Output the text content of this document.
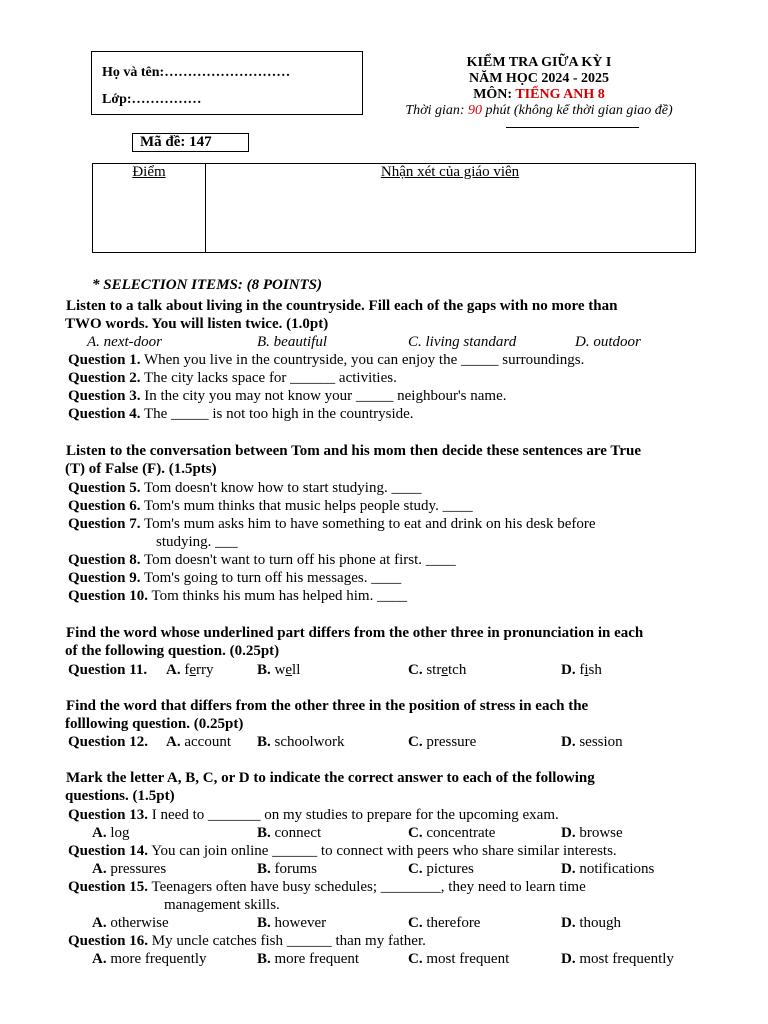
Họ và tên:………………………
Lớp:……………
KIỂM TRA GIỮA KỲ I
NĂM HỌC 2024 - 2025
MÔN: TIẾNG ANH 8
Thời gian: 90 phút (không kể thời gian giao đề)
Mã đề: 147
Điểm	Nhận xét của giáo viên
* SELECTION ITEMS: (8 POINTS)
Listen to a talk about living in the countryside. Fill each of the gaps with no more than
TWO words. You will listen twice. (1.0pt)
A. next-door	B. beautiful	C. living standard	D. outdoor
Question 1. When you live in the countryside, you can enjoy the _____ surroundings.
Question 2. The city lacks space for ______ activities.
Question 3. In the city you may not know your _____ neighbour's name.
Question 4. The _____ is not too high in the countryside.
Listen to the conversation between Tom and his mom then decide these sentences are True
(T) of False (F). (1.5pts)
Question 5. Tom doesn't know how to start studying. ____
Question 6. Tom's mum thinks that music helps people study. ____
Question 7. Tom's mum asks him to have something to eat and drink on his desk before
studying. ___
Question 8. Tom doesn't want to turn off his phone at first. ____
Question 9. Tom's going to turn off his messages. ____
Question 10. Tom thinks his mum has helped him. ____
Find the word whose underlined part differs from the other three in pronunciation in each
of the following question. (0.25pt)
Question 11. A. ferry	B. well	C. stretch	D. fish
Find the word that differs from the other three in the position of stress in each the
folllowing question. (0.25pt)
Question 12. A. account B. schoolwork	C. pressure	D. session
Mark the letter A, B, C, or D to indicate the correct answer to each of the following
questions. (1.5pt)
Question 13. I need to _______ on my studies to prepare for the upcoming exam.
A. log	B. connect	C. concentrate	D. browse
Question 14. You can join online ______ to connect with peers who share similar interests.
A. pressures	B. forums	C. pictures	D. notifications
Question 15. Teenagers often have busy schedules; ________, they need to learn time
management skills.
A. otherwise	B. however	C. therefore	D. though
Question 16. My uncle catches fish ______ than my father.
A. more frequently	B. more frequent	C. most frequent	D. most frequently
